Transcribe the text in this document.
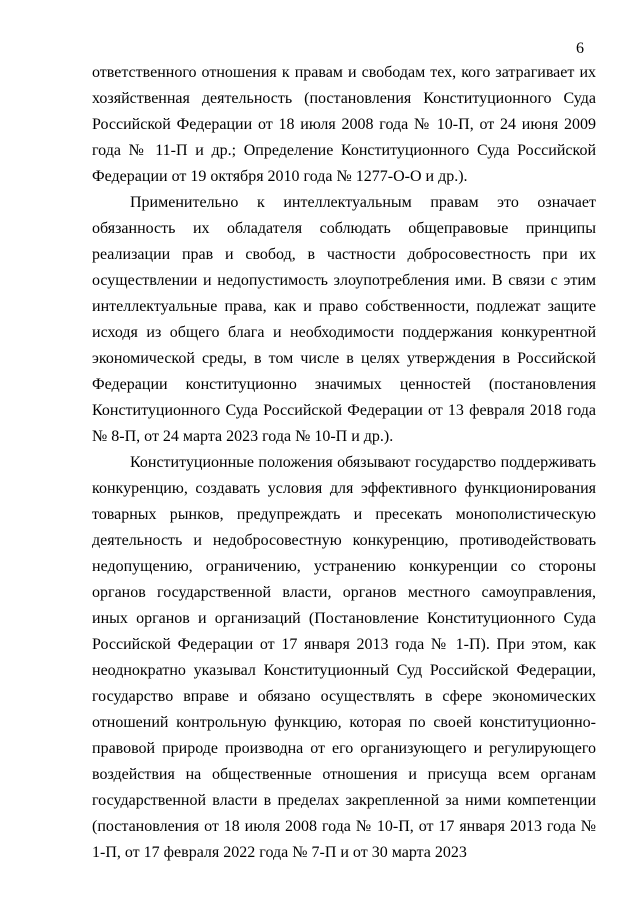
6

ответственного отношения к правам и свободам тех, кого затрагивает их хозяйственная деятельность (постановления Конституционного Суда Российской Федерации от 18 июля 2008 года № 10-П, от 24 июня 2009 года № 11-П и др.; Определение Конституционного Суда Российской Федерации от 19 октября 2010 года № 1277-О-О и др.).

Применительно к интеллектуальным правам это означает обязанность их обладателя соблюдать общеправовые принципы реализации прав и свобод, в частности добросовестность при их осуществлении и недопустимость злоупотребления ими. В связи с этим интеллектуальные права, как и право собственности, подлежат защите исходя из общего блага и необходимости поддержания конкурентной экономической среды, в том числе в целях утверждения в Российской Федерации конституционно значимых ценностей (постановления Конституционного Суда Российской Федерации от 13 февраля 2018 года № 8-П, от 24 марта 2023 года № 10-П и др.).

Конституционные положения обязывают государство поддерживать конкуренцию, создавать условия для эффективного функционирования товарных рынков, предупреждать и пресекать монополистическую деятельность и недобросовестную конкуренцию, противодействовать недопущению, ограничению, устранению конкуренции со стороны органов государственной власти, органов местного самоуправления, иных органов и организаций (Постановление Конституционного Суда Российской Федерации от 17 января 2013 года № 1-П). При этом, как неоднократно указывал Конституционный Суд Российской Федерации, государство вправе и обязано осуществлять в сфере экономических отношений контрольную функцию, которая по своей конституционно-правовой природе производна от его организующего и регулирующего воздействия на общественные отношения и присуща всем органам государственной власти в пределах закрепленной за ними компетенции (постановления от 18 июля 2008 года № 10-П, от 17 января 2013 года № 1-П, от 17 февраля 2022 года № 7-П и от 30 марта 2023
